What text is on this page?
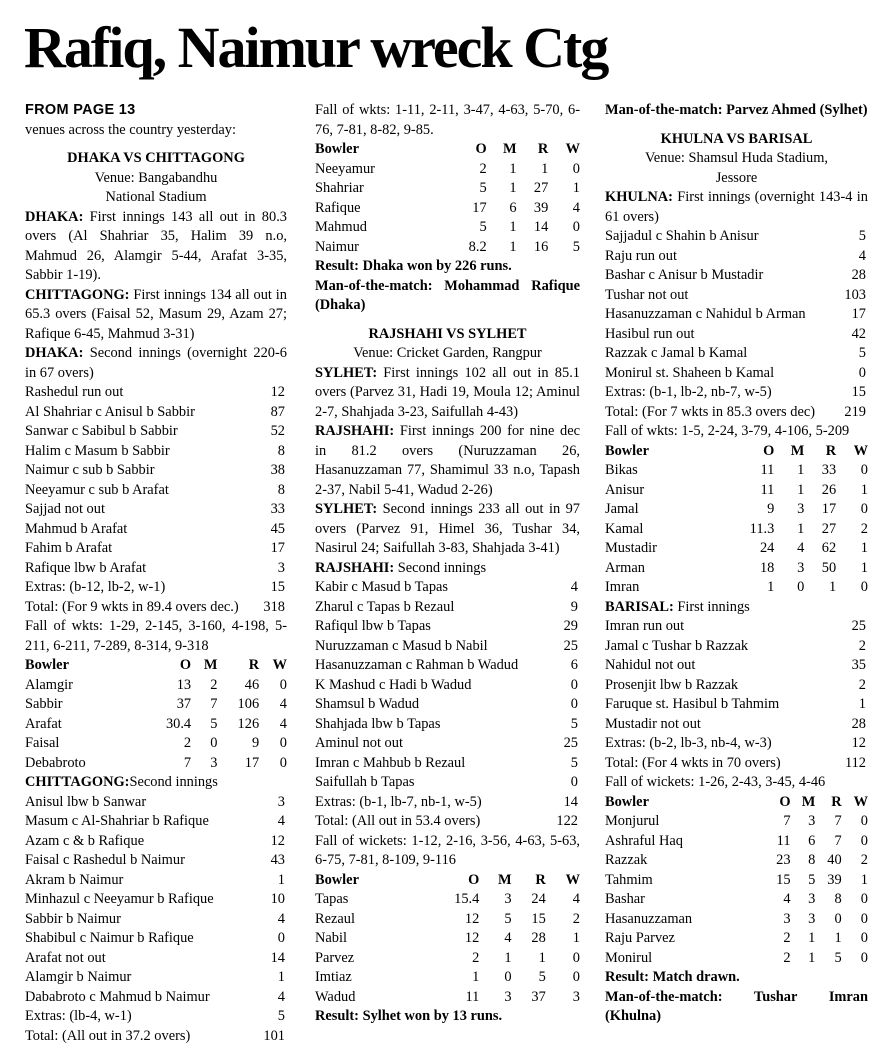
Rafiq, Naimur wreck Ctg
FROM PAGE 13
venues across the country yesterday:
DHAKA VS CHITTAGONG
Venue: Bangabandhu
National Stadium
DHAKA: First innings 143 all out in 80.3 overs (Al Shahriar 35, Halim 39 n.o, Mahmud 26, Alamgir 5-44, Arafat 3-35, Sabbir 1-19).
CHITTAGONG: First innings 134 all out in 65.3 overs (Faisal 52, Masum 29, Azam 27; Rafique 6-45, Mahmud 3-31)
DHAKA: Second innings (overnight 220-6 in 67 overs)
Rashedul run out	12
Al Shahriar c Anisul b Sabbir	87
Sanwar c Sabibul b Sabbir	52
Halim c Masum b Sabbir	8
Naimur c sub b Sabbir	38
Neeyamur c sub b Arafat	8
Sajjad not out	33
Mahmud b Arafat	45
Fahim b Arafat	17
Rafique lbw b Arafat	3
Extras: (b-12, lb-2, w-1)	15
Total: (For 9 wkts in 89.4 overs dec.) 318
Fall of wkts: 1-29, 2-145, 3-160, 4-198, 5-211, 6-211, 7-289, 8-314, 9-318
Bowler	O	M	R	W
Alamgir	13	2	46	0
Sabbir	37	7	106	4
Arafat	30.4	5	126	4
Faisal	2	0	9	0
Debabroto	7	3	17	0
CHITTAGONG:Second innings
Anisul lbw b Sanwar	3
Masum c Al-Shahriar b Rafique	4
Azam c & b Rafique	12
Faisal c Rashedul b Naimur	43
Akram b Naimur	1
Minhazul c Neeyamur b Rafique	10
Sabbir b Naimur	4
Shabibul c Naimur b Rafique	0
Arafat not out	14
Alamgir b Naimur	1
Dababroto c Mahmud b Naimur	4
Extras: (lb-4, w-1)	5
Total: (All out in 37.2 overs)	101
Fall of wkts: 1-11, 2-11, 3-47, 4-63, 5-70, 6-76, 7-81, 8-82, 9-85.
Bowler	O	M	R	W
Neeyamur	2	1	1	0
Shahriar	5	1	27	1
Rafique	17	6	39	4
Mahmud	5	1	14	0
Naimur	8.2	1	16	5
Result: Dhaka won by 226 runs.
Man-of-the-match: Mohammad Rafique (Dhaka)
RAJSHAHI VS SYLHET
Venue: Cricket Garden, Rangpur
SYLHET: First innings 102 all out in 85.1 overs (Parvez 31, Hadi 19, Moula 12; Aminul 2-7, Shahjada 3-23, Saifullah 4-43)
RAJSHAHI: First innings 200 for nine dec in 81.2 overs (Nuruzzaman 26, Hasanuzzaman 77, Shamimul 33 n.o, Tapash 2-37, Nabil 5-41, Wadud 2-26)
SYLHET: Second innings 233 all out in 97 overs (Parvez 91, Himel 36, Tushar 34, Nasirul 24; Saifullah 3-83, Shahjada 3-41)
RAJSHAHI: Second innings
Kabir c Masud b Tapas	4
Zharul c Tapas b Rezaul	9
Rafiqul lbw b Tapas	29
Nuruzzaman c Masud b Nabil	25
Hasanuzzaman c Rahman b Wadud	6
K Mashud c Hadi b Wadud	0
Shamsul b Wadud	0
Shahjada lbw b Tapas	5
Aminul not out	25
Imran c Mahbub b Rezaul	5
Saifullah b Tapas	0
Extras: (b-1, lb-7, nb-1, w-5)	14
Total: (All out in 53.4 overs)	122
Fall of wickets: 1-12, 2-16, 3-56, 4-63, 5-63, 6-75, 7-81, 8-109, 9-116
Bowler	O	M	R	W
Tapas	15.4	3	24	4
Rezaul	12	5	15	2
Nabil	12	4	28	1
Parvez	2	1	1	0
Imtiaz	1	0	5	0
Wadud	11	3	37	3
Result: Sylhet won by 13 runs.
Man-of-the-match: Parvez Ahmed (Sylhet)
KHULNA VS BARISAL
Venue: Shamsul Huda Stadium,
Jessore
KHULNA: First innings (overnight 143-4 in 61 overs)
Sajjadul c Shahin b Anisur	5
Raju run out	4
Bashar c Anisur b Mustadir	28
Tushar not out	103
Hasanuzzaman c Nahidul b Arman	17
Hasibul run out	42
Razzak c Jamal b Kamal	5
Monirul st. Shaheen b Kamal	0
Extras: (b-1, lb-2, nb-7, w-5)	15
Total: (For 7 wkts in 85.3 overs dec) 219
Fall of wkts: 1-5, 2-24, 3-79, 4-106, 5-209
Bowler	O	M	R	W
Bikas	11	1	33	0
Anisur	11	1	26	1
Jamal	9	3	17	0
Kamal	11.3	1	27	2
Mustadir	24	4	62	1
Arman	18	3	50	1
Imran	1	0	1	0
BARISAL: First innings
Imran run out	25
Jamal c Tushar b Razzak	2
Nahidul not out	35
Prosenjit lbw b Razzak	2
Faruque st. Hasibul b Tahmim	1
Mustadir not out	28
Extras: (b-2, lb-3, nb-4, w-3)	12
Total: (For 4 wkts in 70 overs)	112
Fall of wickets: 1-26, 2-43, 3-45, 4-46
Bowler	O	M	R	W
Monjurul	7	3	7	0
Ashraful Haq	11	6	7	0
Razzak	23	8	40	2
Tahmim	15	5	39	1
Bashar	4	3	8	0
Hasanuzzaman	3	3	0	0
Raju Parvez	2	1	1	0
Monirul	2	1	5	0
Result: Match drawn.
Man-of-the-match: Tushar Imran (Khulna)
